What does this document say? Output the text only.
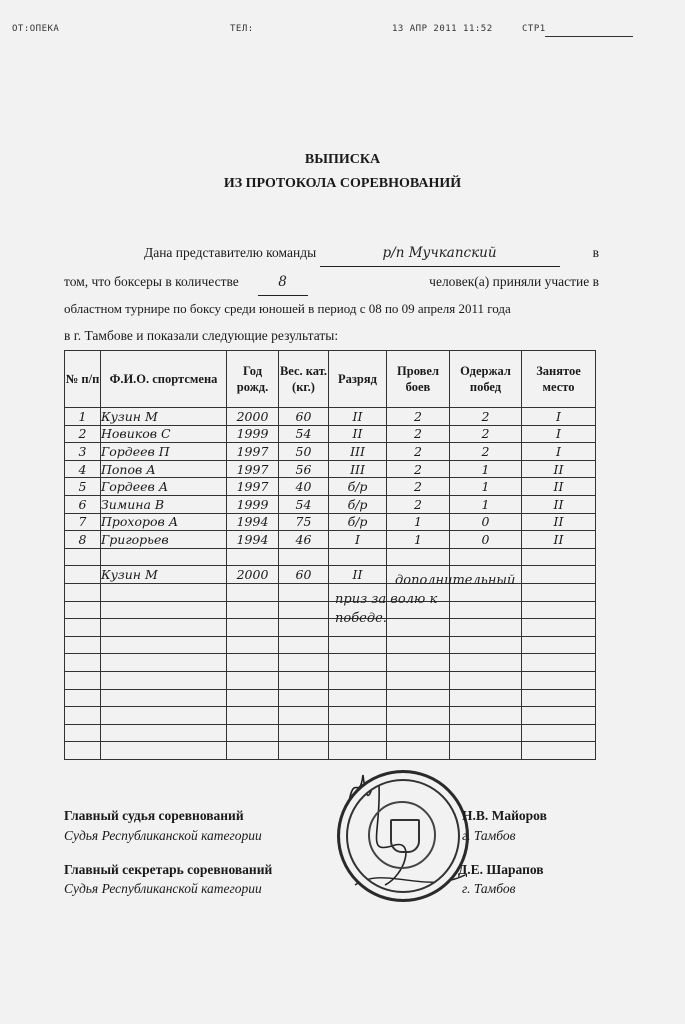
ОТ:ОПЕКА	ТЕЛ:	13 АПР 2011 11:52	СТР1
ВЫПИСКА
ИЗ ПРОТОКОЛА СОРЕВНОВАНИЙ
Дана представителю команды	р/п Мучкапский	в
том, что боксеры в количестве	8	человек(а) приняли участие в
областном турнире по боксу среди юношей в период с 08 по 09 апреля 2011 года
в г. Тамбове и показали следующие результаты:
№ п/п	Ф.И.О. спортсмена	Год рожд.	Вес. кат. (кг.)	Разряд	Провел боев	Одержал побед	Занятое место
1	Кузин М	2000	60	II	2	2	I
2	Новиков С	1999	54	II	2	2	I
3	Гордеев П	1997	50	III	2	2	I
4	Попов А	1997	56	III	2	1	II
5	Гордеев А	1997	40	б/р	2	1	II
6	Зимина В	1999	54	б/р	2	1	II
7	Прохоров А	1994	75	б/р	1	0	II
8	Григорьев	1994	46	I	1	0	II

	Кузин М	2000	60	II			

								дополнительный
приз за волю к
победе.
Главный судья соревнований
Судья Республиканской категории
Н.В. Майоров
г. Тамбов
Главный секретарь соревнований
Судья Республиканской категории
Д.Е. Шарапов
г. Тамбов
